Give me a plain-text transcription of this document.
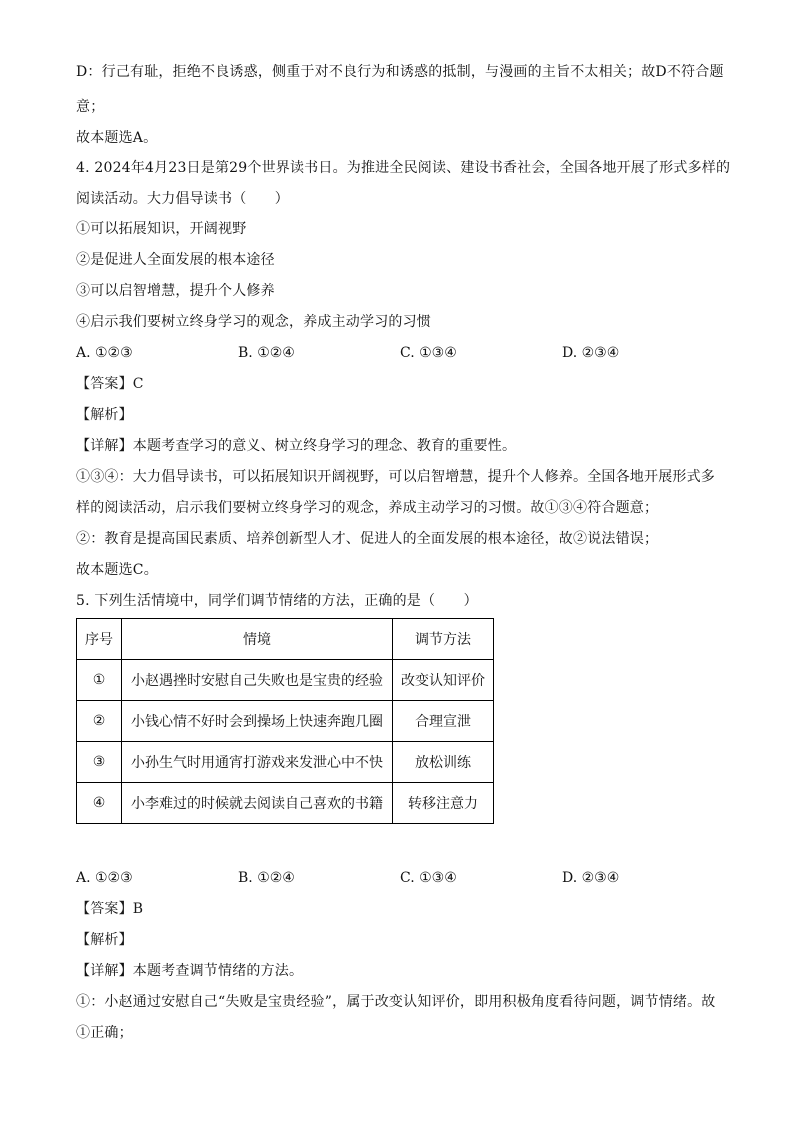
D：行己有耻，拒绝不良诱惑，侧重于对不良行为和诱惑的抵制，与漫画的主旨不太相关；故D不符合题
意；
故本题选A。
4. 2024年4月23日是第29个世界读书日。为推进全民阅读、建设书香社会，全国各地开展了形式多样的
阅读活动。大力倡导读书（　　）
①可以拓展知识，开阔视野
②是促进人全面发展的根本途径
③可以启智增慧，提升个人修养
④启示我们要树立终身学习的观念，养成主动学习的习惯
A. ①②③	B. ①②④	C. ①③④	D. ②③④
【答案】C
【解析】
【详解】本题考查学习的意义、树立终身学习的理念、教育的重要性。
①③④：大力倡导读书，可以拓展知识开阔视野，可以启智增慧，提升个人修养。全国各地开展形式多
样的阅读活动，启示我们要树立终身学习的观念，养成主动学习的习惯。故①③④符合题意；
②：教育是提高国民素质、培养创新型人才、促进人的全面发展的根本途径，故②说法错误；
故本题选C。
5. 下列生活情境中，同学们调节情绪的方法，正确的是（　　）
序号	情境	调节方法
①	小赵遇挫时安慰自己失败也是宝贵的经验	改变认知评价
②	小钱心情不好时会到操场上快速奔跑几圈	合理宣泄
③	小孙生气时用通宵打游戏来发泄心中不快	放松训练
④	小李难过的时候就去阅读自己喜欢的书籍	转移注意力
A. ①②③	B. ①②④	C. ①③④	D. ②③④
【答案】B
【解析】
【详解】本题考查调节情绪的方法。
①：小赵通过安慰自己“失败是宝贵经验”，属于改变认知评价，即用积极角度看待问题，调节情绪。故
①正确；
